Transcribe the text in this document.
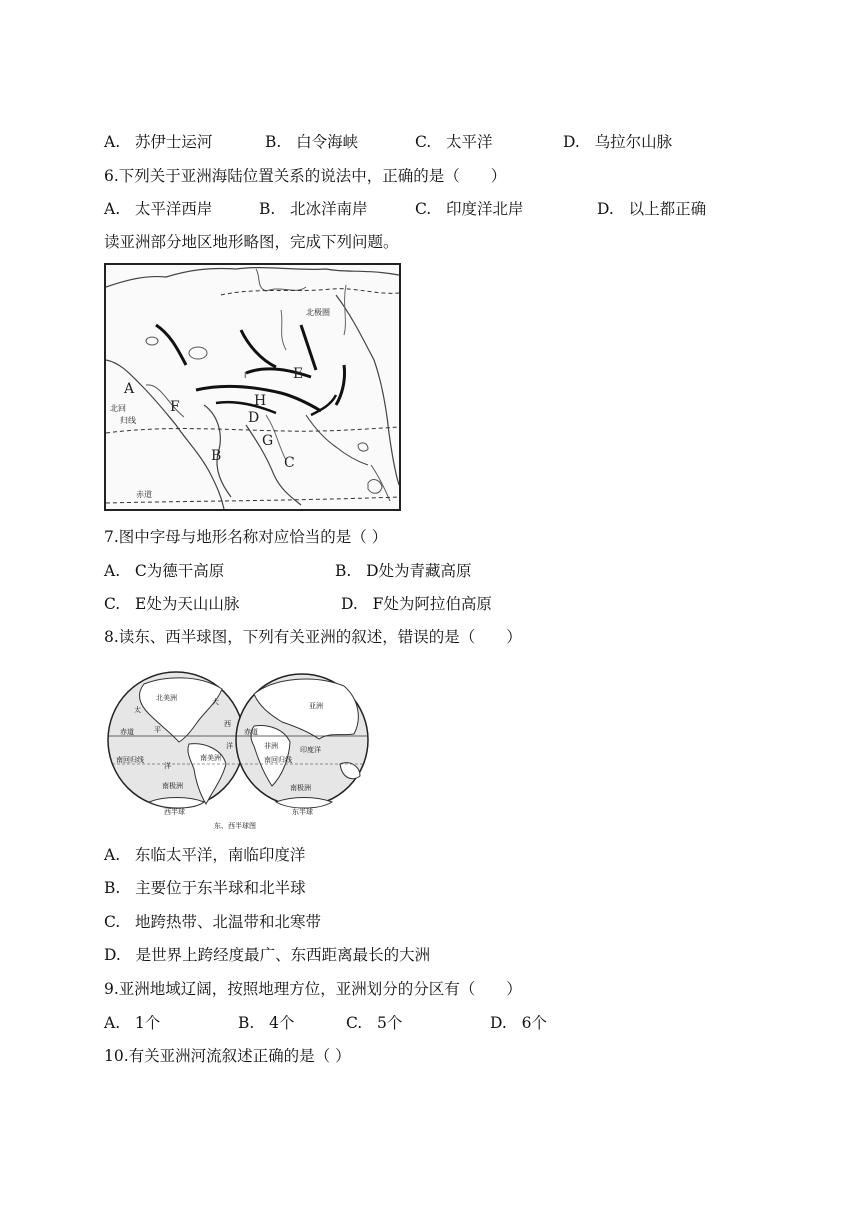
A. 苏伊士运河	B. 白令海峡	C. 太平洋	D. 乌拉尔山脉
6.下列关于亚洲海陆位置关系的说法中，正确的是（　　）
A. 太平洋西岸	B. 北冰洋南岸	C. 印度洋北岸	D. 以上都正确
读亚洲部分地区地形略图，完成下列问题。
北极圈
北回
归线
赤道
A
B	C
D
E
F
G
H
I
7.图中字母与地形名称对应恰当的是（ ）
A. C为德干高原	B. D处为青藏高原
C. E处为天山山脉	D. F处为阿拉伯高原
8.读东、西半球图，下列有关亚洲的叙述，错误的是（　　）
北美洲
南美洲
赤道
南回归线
太
平
洋
大
西
洋
南极洲
西半球
亚洲
非洲	印度洋
赤道
南回归线
南极洲
东半球
东、西半球图
A. 东临太平洋，南临印度洋
B. 主要位于东半球和北半球
C. 地跨热带、北温带和北寒带
D. 是世界上跨经度最广、东西距离最长的大洲
9.亚洲地域辽阔，按照地理方位，亚洲划分的分区有（　　）
A. 1个	B. 4个	C. 5个	D. 6个
10.有关亚洲河流叙述正确的是（ ）
